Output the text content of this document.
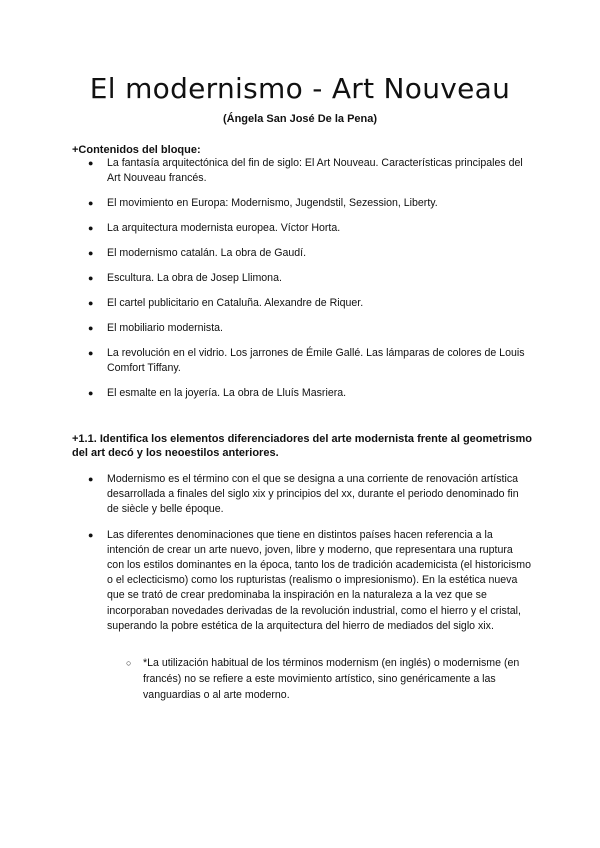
El modernismo - Art Nouveau
(Ángela San José De la Pena)
+Contenidos del bloque:
● La fantasía arquitectónica del fin de siglo: El Art Nouveau. Características principales del Art Nouveau francés.
● El movimiento en Europa: Modernismo, Jugendstil, Sezession, Liberty.
● La arquitectura modernista europea. Víctor Horta.
● El modernismo catalán. La obra de Gaudí.
● Escultura. La obra de Josep Llimona.
● El cartel publicitario en Cataluña. Alexandre de Riquer.
● El mobiliario modernista.
● La revolución en el vidrio. Los jarrones de Émile Gallé. Las lámparas de colores de Louis Comfort Tiffany.
● El esmalte en la joyería. La obra de Lluís Masriera.
+1.1. Identifica los elementos diferenciadores del arte modernista frente al geometrismo del art decó y los neoestilos anteriores.
● Modernismo es el término con el que se designa a una corriente de renovación artística desarrollada a finales del siglo xix y principios del xx, durante el periodo denominado fin de siècle y belle époque.
● Las diferentes denominaciones que tiene en distintos países hacen referencia a la intención de crear un arte nuevo, joven, libre y moderno, que representara una ruptura con los estilos dominantes en la época, tanto los de tradición academicista (el historicismo o el eclecticismo) como los rupturistas (realismo o impresionismo). En la estética nueva que se trató de crear predominaba la inspiración en la naturaleza a la vez que se incorporaban novedades derivadas de la revolución industrial, como el hierro y el cristal, superando la pobre estética de la arquitectura del hierro de mediados del siglo xix.
○ *La utilización habitual de los términos modernism (en inglés) o modernisme (en francés) no se refiere a este movimiento artístico, sino genéricamente a las vanguardias o al arte moderno.
